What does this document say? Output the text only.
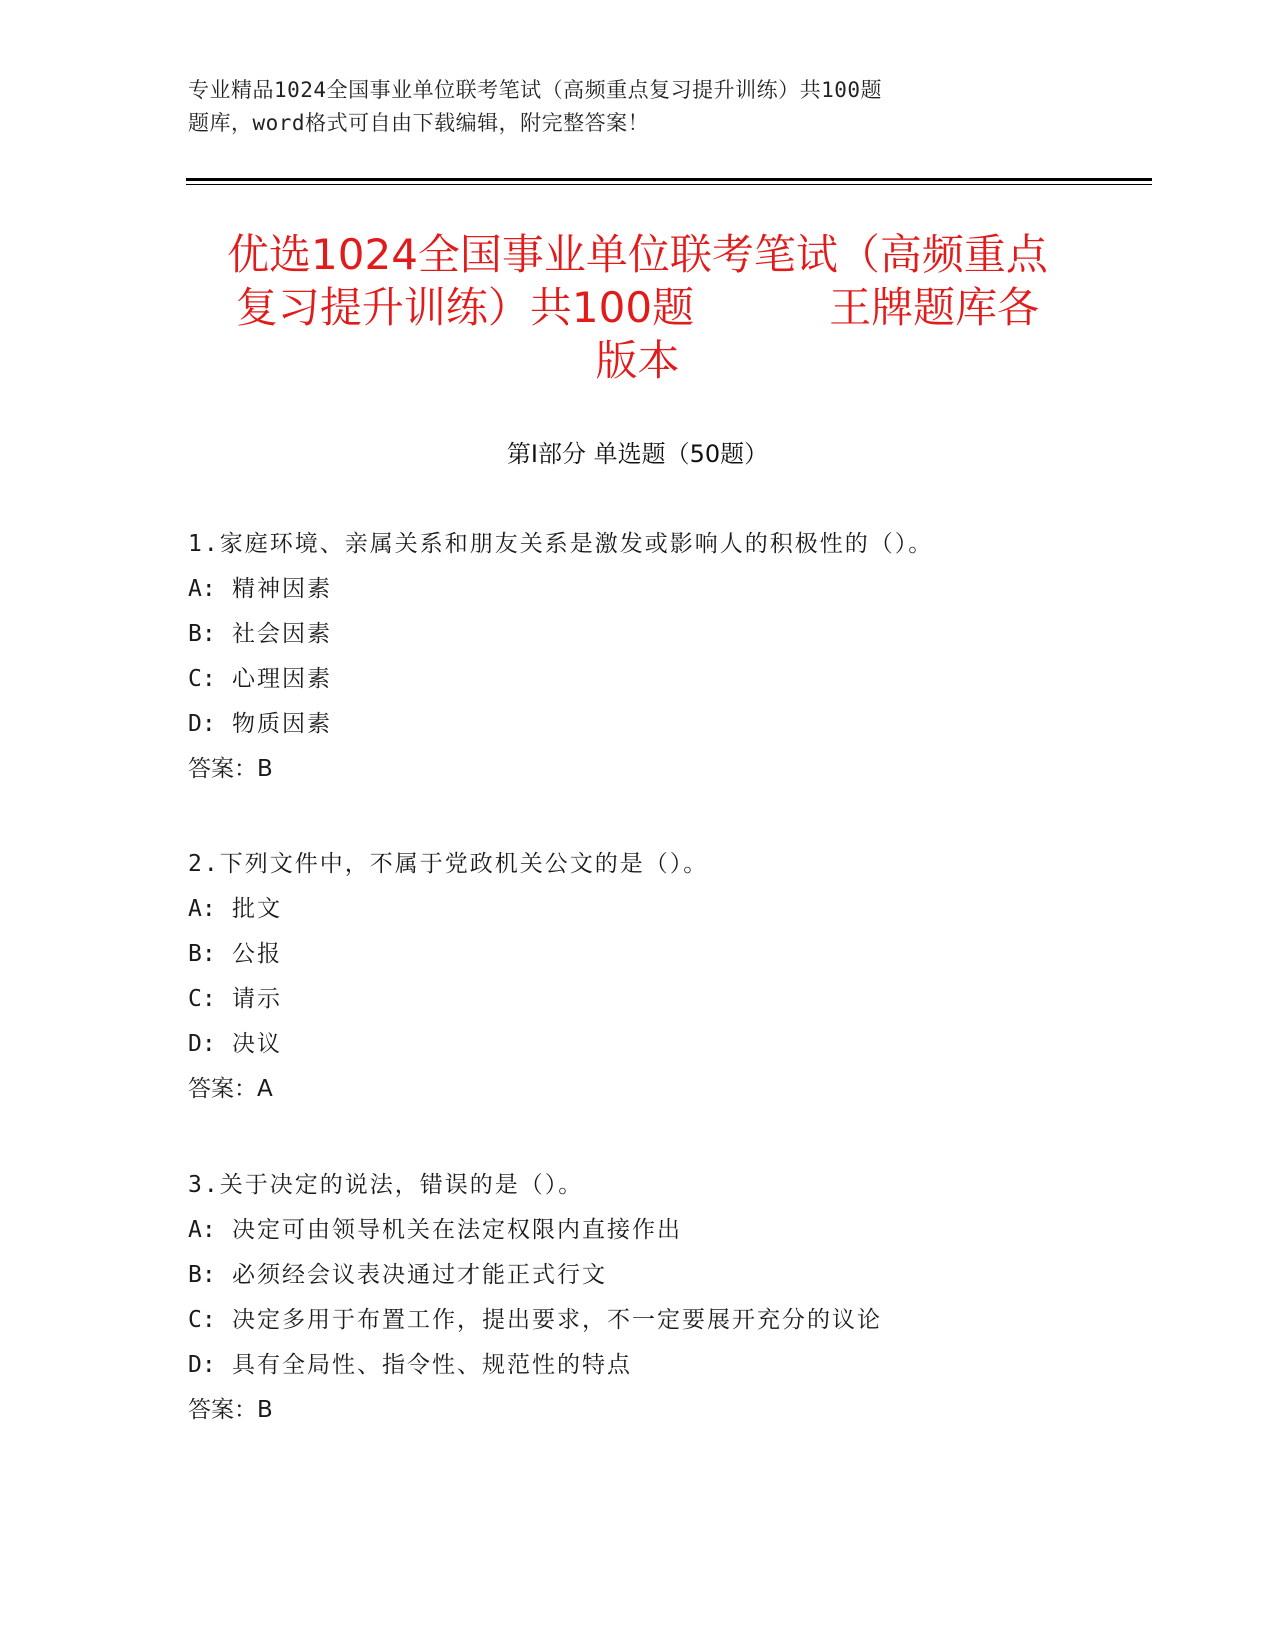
专业精品1024全国事业单位联考笔试（高频重点复习提升训练）共100题
题库，word格式可自由下载编辑，附完整答案！
优选1024全国事业单位联考笔试（高频重点
复习提升训练）共100题	王牌题库各
版本
第Ⅰ部分 单选题（50题）
1.家庭环境、亲属关系和朋友关系是激发或影响人的积极性的（）。
A: 精神因素
B: 社会因素
C: 心理因素
D: 物质因素
答案：B
2.下列文件中，不属于党政机关公文的是（）。
A: 批文
B: 公报
C: 请示
D: 决议
答案：A
3.关于决定的说法，错误的是（）。
A: 决定可由领导机关在法定权限内直接作出
B: 必须经会议表决通过才能正式行文
C: 决定多用于布置工作，提出要求，不一定要展开充分的议论
D: 具有全局性、指令性、规范性的特点
答案：B
